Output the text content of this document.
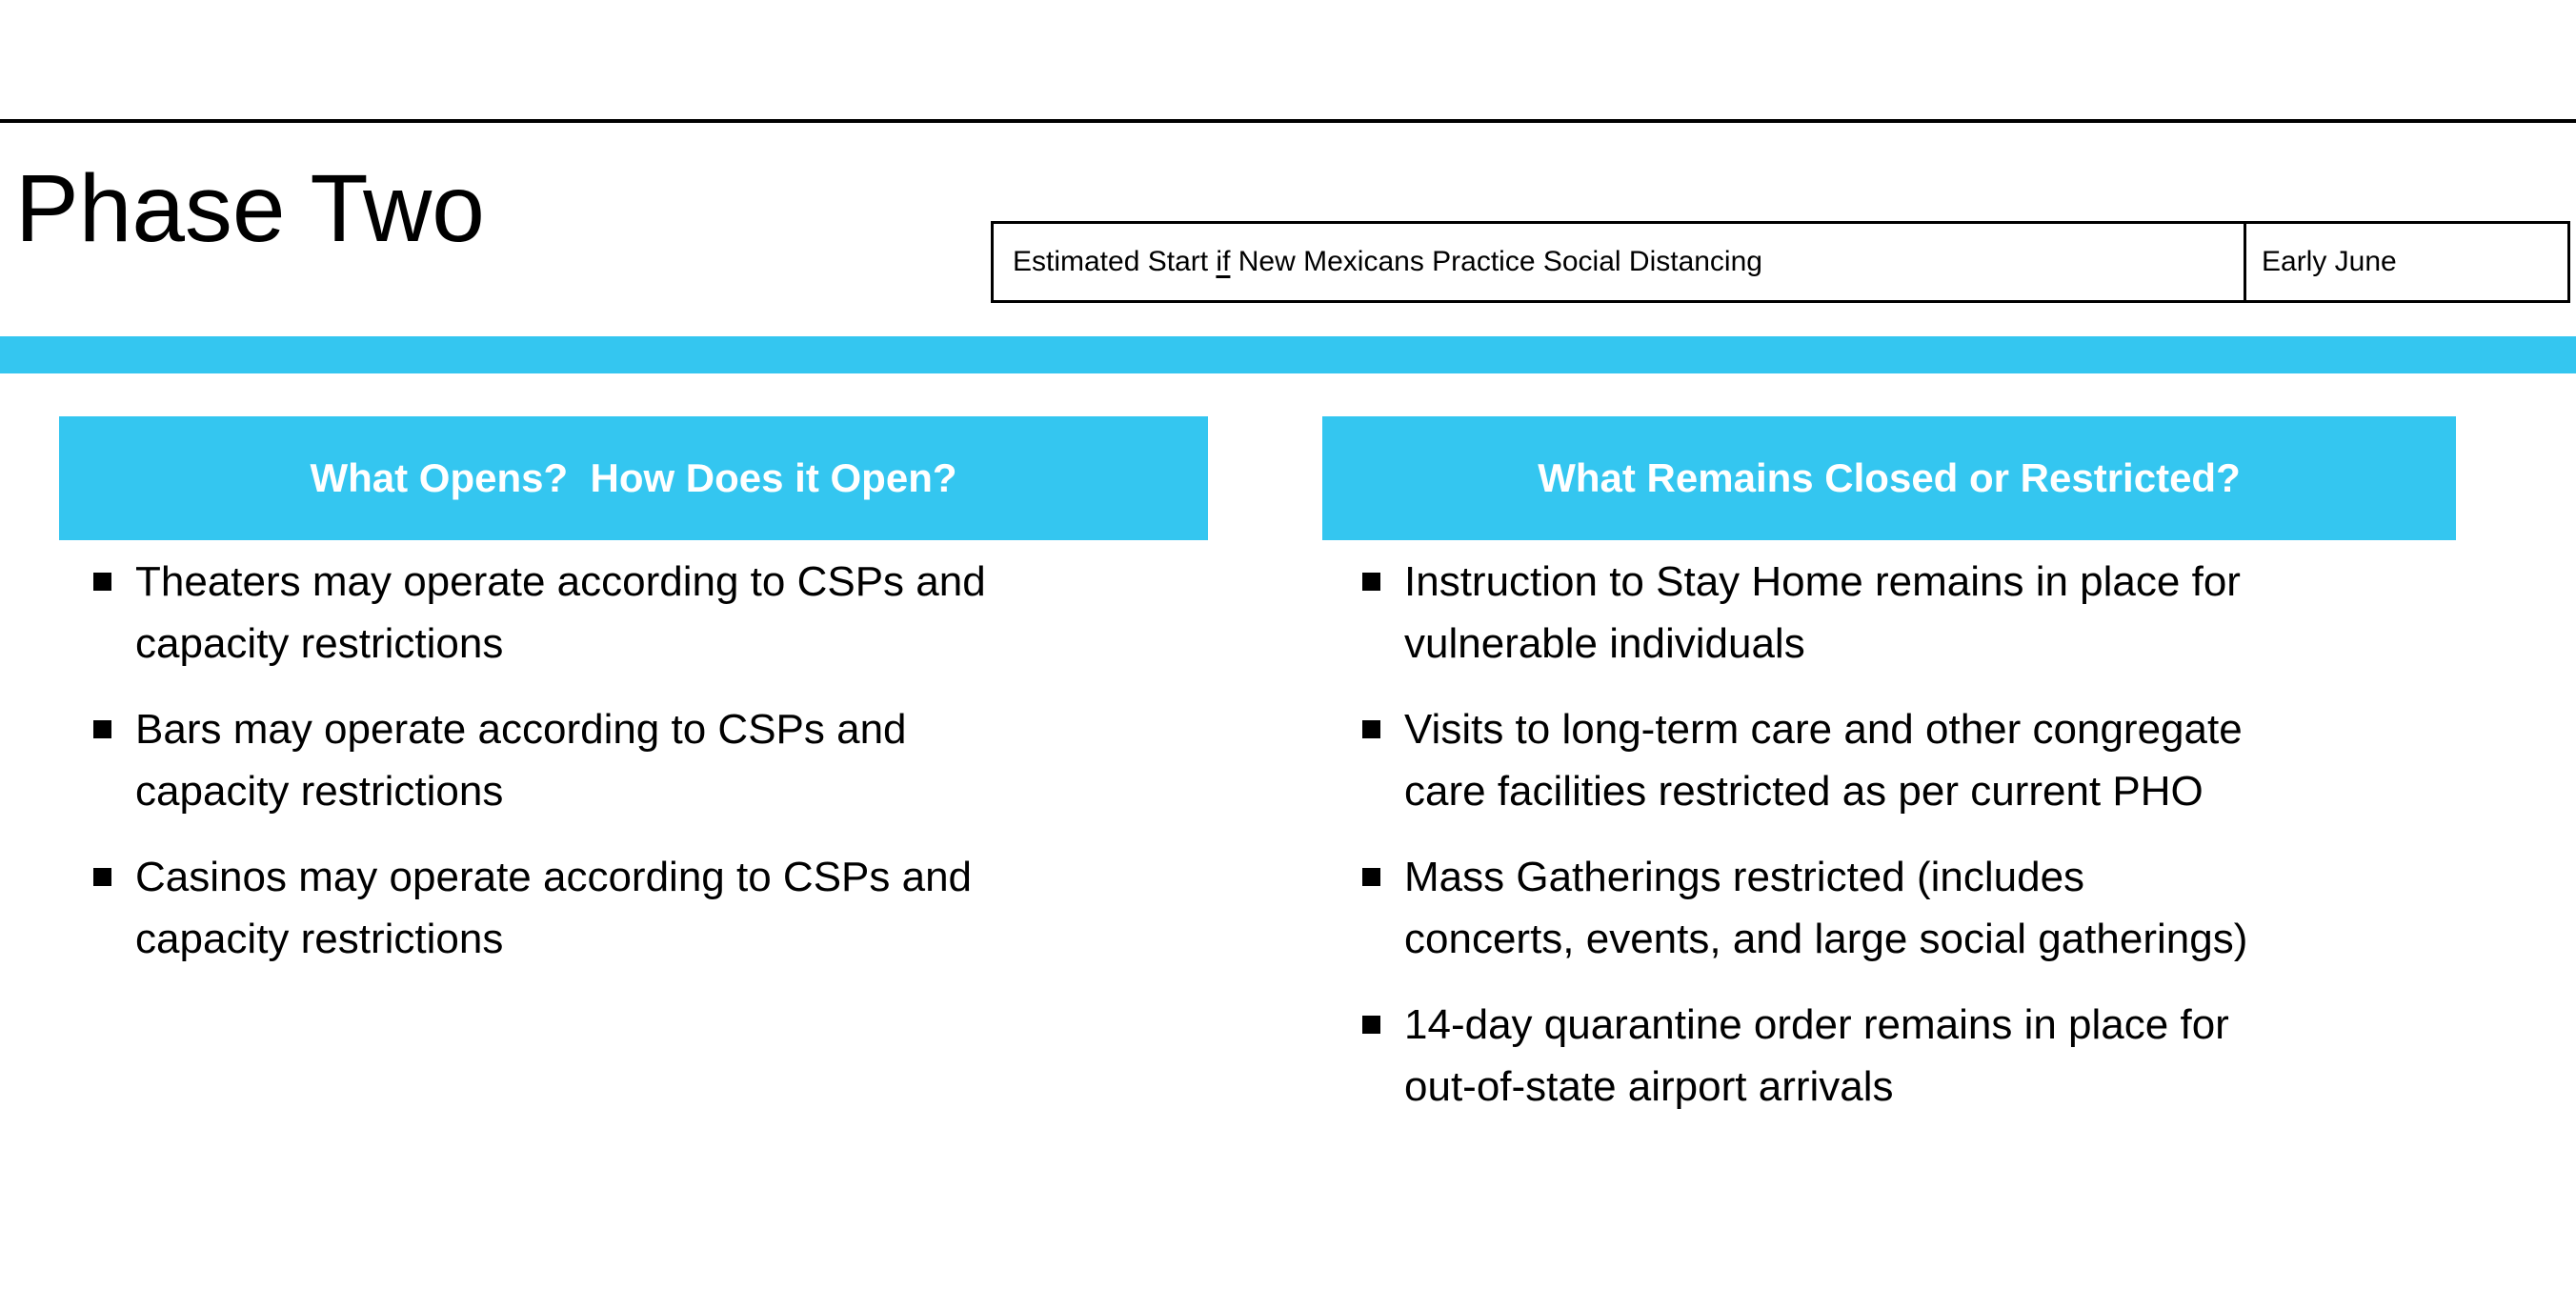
Phase Two	Estimated Start if New Mexicans Practice Social Distancing	Early June
What Opens?  How Does it Open?	What Remains Closed or Restricted?
Theaters may operate according to CSPs and
capacity restrictions
Bars may operate according to CSPs and
capacity restrictions
Casinos may operate according to CSPs and
capacity restrictions
Instruction to Stay Home remains in place for
vulnerable individuals
Visits to long-term care and other congregate
care facilities restricted as per current PHO
Mass Gatherings restricted (includes
concerts, events, and large social gatherings)
14-day quarantine order remains in place for
out-of-state airport arrivals
